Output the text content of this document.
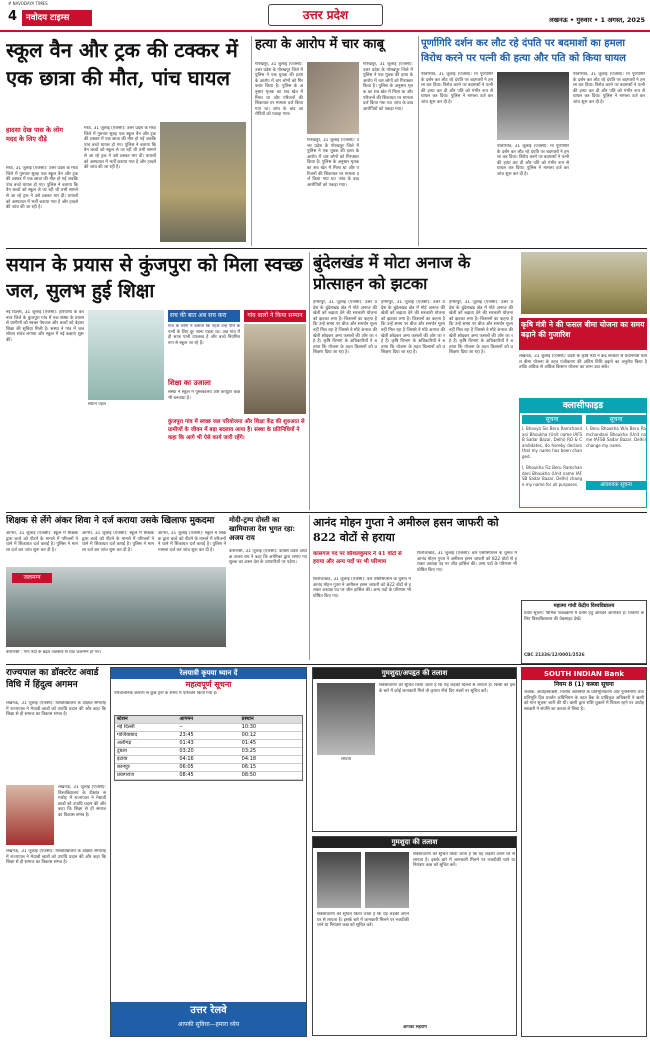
4	नवोदय टाइम्स
# NAVODAYA TIMES
उत्तर प्रदेश	लखनऊ • गुरुवार • 1 अगस्त, 2025
स्कूल वैन और ट्रक की टक्कर में एक छात्रा की मौत, पांच घायल
हादसा देख पास के लोग मदद के लिए दौड़े
मेरठ, 31 जुलाई (एजेंसी): उत्तर प्रदेश के मेरठ जिले में गुरुवार सुबह एक स्कूल वैन और ट्रक की टक्कर में एक छात्रा की मौत हो गई जबकि पांच बच्चे घायल हो गए। पुलिस ने बताया कि वैन बच्चों को स्कूल ले जा रही थी तभी सामने से आ रहे ट्रक ने उसे टक्कर मार दी। घायलों को अस्पताल में भर्ती कराया गया है और हादसे की जांच की जा रही है।
मेरठ, 31 जुलाई (एजेंसी): उत्तर प्रदेश के मेरठ जिले में गुरुवार सुबह एक स्कूल वैन और ट्रक की टक्कर में एक छात्रा की मौत हो गई जबकि पांच बच्चे घायल हो गए। पुलिस ने बताया कि वैन बच्चों को स्कूल ले जा रही थी तभी सामने से आ रहे ट्रक ने उसे टक्कर मार दी। घायलों को अस्पताल में भर्ती कराया गया है और हादसे की जांच की जा रही है।
हत्या के आरोप में चार काबू
गोरखपुर, 31 जुलाई (एजेंसी): उत्तर प्रदेश के गोरखपुर जिले में पुलिस ने एक युवक की हत्या के आरोप में चार लोगों को गिरफ्तार किया है। पुलिस के अनुसार मृतक का शव खेत में मिला था और परिजनों की शिकायत पर मामला दर्ज किया गया था। जांच के बाद आरोपियों को पकड़ा गया।
गोरखपुर, 31 जुलाई (एजेंसी): उत्तर प्रदेश के गोरखपुर जिले में पुलिस ने एक युवक की हत्या के आरोप में चार लोगों को गिरफ्तार किया है। पुलिस के अनुसार मृतक का शव खेत में मिला था और परिजनों की शिकायत पर मामला दर्ज किया गया था। जांच के बाद आरोपियों को पकड़ा गया।
गोरखपुर, 31 जुलाई (एजेंसी): उत्तर प्रदेश के गोरखपुर जिले में पुलिस ने एक युवक की हत्या के आरोप में चार लोगों को गिरफ्तार किया है। पुलिस के अनुसार मृतक का शव खेत में मिला था और परिजनों की शिकायत पर मामला दर्ज किया गया था। जांच के बाद आरोपियों को पकड़ा गया।
पूर्णागिरि दर्शन कर लौट रहे दंपति पर बदमाशों का हमला विरोध करने पर पत्नी की हत्या और पति को किया घायल
पीलीभीत, 31 जुलाई (एजेंसी): मां पूर्णागिरि के दर्शन कर लौट रहे दंपति पर बदमाशों ने हमला कर दिया। विरोध करने पर बदमाशों ने पत्नी की हत्या कर दी और पति को गंभीर रूप से घायल कर दिया। पुलिस ने मामला दर्ज कर जांच शुरू कर दी है।
पीलीभीत, 31 जुलाई (एजेंसी): मां पूर्णागिरि के दर्शन कर लौट रहे दंपति पर बदमाशों ने हमला कर दिया। विरोध करने पर बदमाशों ने पत्नी की हत्या कर दी और पति को गंभीर रूप से घायल कर दिया। पुलिस ने मामला दर्ज कर जांच शुरू कर दी है।
पीलीभीत, 31 जुलाई (एजेंसी): मां पूर्णागिरि के दर्शन कर लौट रहे दंपति पर बदमाशों ने हमला कर दिया। विरोध करने पर बदमाशों ने पत्नी की हत्या कर दी और पति को गंभीर रूप से घायल कर दिया। पुलिस ने मामला दर्ज कर जांच शुरू कर दी है।
सयान के प्रयास से कुंजपुरा को मिला स्वच्छ जल, सुलभ हुई शिक्षा
नई दिल्ली, 31 जुलाई (एजेंसी): हरियाणा के करनाल जिले के कुंजपुरा गांव में एक संस्था के प्रयास से ग्रामीणों को स्वच्छ पेयजल और बच्चों को बेहतर शिक्षा की सुविधा मिली है। संस्था ने गांव में जल शोधन संयंत्र लगाया और स्कूल में नई कक्षाएं शुरू कीं।
सयान पहल
सच की बात अब सच करा
गांव के लोगों ने बताया कि पहले उन्हें पीने के पानी के लिए दूर जाना पड़ता था। अब गांव में ही साफ पानी उपलब्ध है और बच्चे नियमित रूप से स्कूल जा रहे हैं।
शिक्षा का उजाला
संस्था ने स्कूल में पुस्तकालय और कंप्यूटर कक्ष भी बनवाया है।
गांव वालों ने किया सम्मान
कुंजपुरा गांव में स्वच्छ जल परियोजना और शिक्षा केंद्र की शुरुआत से ग्रामीणों के जीवन में बड़ा बदलाव आया है। संस्था के प्रतिनिधियों ने कहा कि आगे भी ऐसे कार्य जारी रहेंगे।
बुंदेलखंड में मोटा अनाज के प्रोत्साहन को झटका
हमीरपुर, 31 जुलाई (एजेंसी): उत्तर प्रदेश के बुंदेलखंड क्षेत्र में मोटे अनाज की खेती को बढ़ावा देने की सरकारी योजना को झटका लगा है। किसानों का कहना है कि उन्हें समय पर बीज और समर्थन मूल्य नहीं मिल रहा है जिससे वे मोटे अनाज की खेती छोड़कर अन्य फसलों की ओर जा रहे हैं। कृषि विभाग के अधिकारियों ने बताया कि योजना के तहत किसानों को प्रशिक्षण दिया जा रहा है।
हमीरपुर, 31 जुलाई (एजेंसी): उत्तर प्रदेश के बुंदेलखंड क्षेत्र में मोटे अनाज की खेती को बढ़ावा देने की सरकारी योजना को झटका लगा है। किसानों का कहना है कि उन्हें समय पर बीज और समर्थन मूल्य नहीं मिल रहा है जिससे वे मोटे अनाज की खेती छोड़कर अन्य फसलों की ओर जा रहे हैं। कृषि विभाग के अधिकारियों ने बताया कि योजना के तहत किसानों को प्रशिक्षण दिया जा रहा है।
हमीरपुर, 31 जुलाई (एजेंसी): उत्तर प्रदेश के बुंदेलखंड क्षेत्र में मोटे अनाज की खेती को बढ़ावा देने की सरकारी योजना को झटका लगा है। किसानों का कहना है कि उन्हें समय पर बीज और समर्थन मूल्य नहीं मिल रहा है जिससे वे मोटे अनाज की खेती छोड़कर अन्य फसलों की ओर जा रहे हैं। कृषि विभाग के अधिकारियों ने बताया कि योजना के तहत किसानों को प्रशिक्षण दिया जा रहा है।
कृषि मंत्री ने की फसल बीमा योजना का समय बढ़ाने की गुजारिश
लखनऊ, 31 जुलाई (एजेंसी): प्रदेश के कृषि मंत्री ने केंद्र सरकार से प्रधानमंत्री फसल बीमा योजना के तहत पंजीकरण की अंतिम तिथि बढ़ाने का अनुरोध किया है ताकि अधिक से अधिक किसान योजना का लाभ उठा सकें।
क्लासीफाइड
सूचना
I, Bhavya Sis Beru Ramchandani Bhoukha (Unit name IAFSB Sadar Bazar, Delhi) RO & Candidates, do hereby declare that my name has been changed.
I, Bhoukha Fiz Beru Ramchandani Bhoukha (Unit name IAFSB Sadar Bazar, Delhi) change my name for all purposes.
सूचना
I, Beru Bhoukha W/o Beru Ramchandani Bhoukha (Unit name IAFSB Sadar Bazar, Delhi) change my name.
आवश्यक सूचना
शिक्षक से लेंगे अंकर शिवा ने दर्ज कराया उसके खिलाफ मुकदमा
आगरा, 31 जुलाई (एजेंसी): स्कूल में शिक्षक द्वारा बच्चे को पीटने के मामले में परिजनों ने थाने में शिकायत दर्ज कराई है। पुलिस ने मामला दर्ज कर जांच शुरू कर दी है।
आगरा, 31 जुलाई (एजेंसी): स्कूल में शिक्षक द्वारा बच्चे को पीटने के मामले में परिजनों ने थाने में शिकायत दर्ज कराई है। पुलिस ने मामला दर्ज कर जांच शुरू कर दी है।
आगरा, 31 जुलाई (एजेंसी): स्कूल में शिक्षक द्वारा बच्चे को पीटने के मामले में परिजनों ने थाने में शिकायत दर्ज कराई है। पुलिस ने मामला दर्ज कर जांच शुरू कर दी है।
जलमग्न
वाराणसी : गंगा नदी के बढ़ते जलस्तर से घाट जलमग्न हो गए।
मोदी-ट्रम्प दोस्ती का खामियाजा देश भुगत रहा: अजय राय
वाराणसी, 31 जुलाई (एजेंसी): कांग्रेस प्रदेश अध्यक्ष अजय राय ने कहा कि अमेरिका द्वारा लगाए गए शुल्क का असर देश के व्यापारियों पर पड़ेगा।
आनंद मोहन गुप्ता ने अमीरुल हसन जाफरी को 822 वोटों से हराया
कासगंज पद पर कौशलकुमार ने 41 वोटों से हराया और अन्य पदों पर भी परिणाम
फिरोजाबाद, 31 जुलाई (एजेंसी): बार एसोसिएशन के चुनाव में आनंद मोहन गुप्ता ने अमीरुल हसन जाफरी को 822 वोटों से हराकर अध्यक्ष पद पर जीत हासिल की। अन्य पदों के परिणाम भी घोषित किए गए।
फिरोजाबाद, 31 जुलाई (एजेंसी): बार एसोसिएशन के चुनाव में आनंद मोहन गुप्ता ने अमीरुल हसन जाफरी को 822 वोटों से हराकर अध्यक्ष पद पर जीत हासिल की। अन्य पदों के परिणाम भी घोषित किए गए।
महात्मा गांधी केंद्रीय विश्वविद्यालय
प्रवेश सूचना: विभिन्न पाठ्यक्रमों में प्रवेश हेतु आवेदन आमंत्रित हैं। विवरण के लिए विश्वविद्यालय की वेबसाइट देखें।
CBC 21336/12/0001/2526
राज्यपाल का डॉक्टरेट अवार्ड विधि में हिंदुत्व अगमन
लखनऊ, 31 जुलाई (एजेंसी): विश्वविद्यालय के दीक्षांत समारोह में राज्यपाल ने मेधावी छात्रों को उपाधि प्रदान की और कहा कि शिक्षा से ही समाज का विकास संभव है।
लखनऊ, 31 जुलाई (एजेंसी): विश्वविद्यालय के दीक्षांत समारोह में राज्यपाल ने मेधावी छात्रों को उपाधि प्रदान की और कहा कि शिक्षा से ही समाज का विकास संभव है।
लखनऊ, 31 जुलाई (एजेंसी): विश्वविद्यालय के दीक्षांत समारोह में राज्यपाल ने मेधावी छात्रों को उपाधि प्रदान की और कहा कि शिक्षा से ही समाज का विकास संभव है।
रेलयात्री कृपया ध्यान दें
महत्वपूर्ण सूचना
परिचालनिक कारणों से कुछ ट्रेनों के समय में परिवर्तन किया गया है।
स्टेशन	आगमन	प्रस्थान
नई दिल्ली	--	10:30
गाजियाबाद	23:45	00:12
अलीगढ़	01:43	01:45
टूंडला	03:20	03:25
इटावा	04:16	04:18
कानपुर	06:05	06:15
प्रयागराज	08:45	08:50
उत्तर रेलवे
आपकी सुविधा—हमारा ध्येय
गुमशुदा/अपहृत की तलाश
लापता
सर्वसाधारण को सूचित किया जाता है कि यह लड़की दिल्ली से लापता है। किसी को इसके बारे में कोई जानकारी मिले तो कृपया नीचे दिए नंबरों पर सूचित करें।
गुमशुदा की तलाश
सर्वसाधारण को सूचित किया जाता है कि यह लड़की अपने घर से लापता है। इसके बारे में जानकारी मिलने पर नजदीकी थाने या नियंत्रण कक्ष को सूचित करें।
सर्वसाधारण को सूचित किया जाता है कि यह लड़की अपने घर से लापता है। इसके बारे में जानकारी मिलने पर नजदीकी थाने या नियंत्रण कक्ष को सूचित करें।
आपका सहयोग
SOUTH INDIAN Bank
नियम 8 (1) कब्जा सूचना
जबकि, अधोहस्ताक्षरी, वित्तीय आस्तियों के प्रतिभूतिकरण और पुनर्निर्माण तथा प्रतिभूति हित प्रवर्तन अधिनियम के तहत बैंक के प्राधिकृत अधिकारी ने ऋणी को मांग सूचना जारी की थी। ऋणी द्वारा राशि चुकाने में विफल रहने पर अधोहस्ताक्षरी ने संपत्ति का कब्जा ले लिया है।
